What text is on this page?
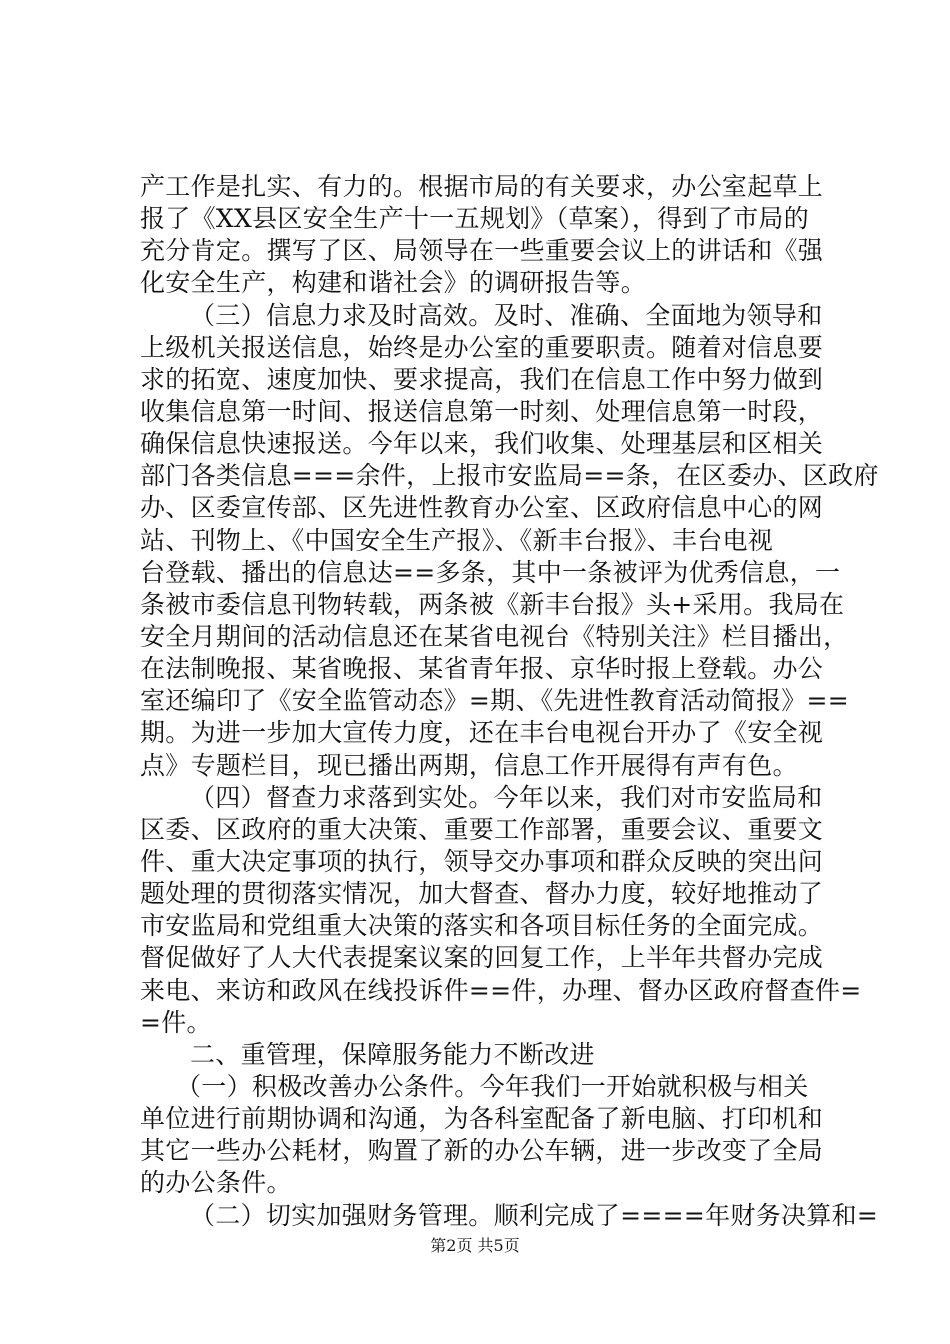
产工作是扎实、有力的。根据市局的有关要求，办公室起草上
报了《XX县区安全生产十一五规划》（草案），得到了市局的
充分肯定。撰写了区、局领导在一些重要会议上的讲话和《强
化安全生产，构建和谐社会》的调研报告等。
（三）信息力求及时高效。及时、准确、全面地为领导和
上级机关报送信息，始终是办公室的重要职责。随着对信息要
求的拓宽、速度加快、要求提高，我们在信息工作中努力做到
收集信息第一时间、报送信息第一时刻、处理信息第一时段，
确保信息快速报送。今年以来，我们收集、处理基层和区相关
部门各类信息===余件，上报市安监局==条，在区委办、区政府
办、区委宣传部、区先进性教育办公室、区政府信息中心的网
站、刊物上、《中国安全生产报》、《新丰台报》、丰台电视
台登载、播出的信息达==多条，其中一条被评为优秀信息，一
条被市委信息刊物转载，两条被《新丰台报》头+采用。我局在
安全月期间的活动信息还在某省电视台《特别关注》栏目播出，
在法制晚报、某省晚报、某省青年报、京华时报上登载。办公
室还编印了《安全监管动态》=期、《先进性教育活动简报》==
期。为进一步加大宣传力度，还在丰台电视台开办了《安全视
点》专题栏目，现已播出两期，信息工作开展得有声有色。
（四）督查力求落到实处。今年以来，我们对市安监局和
区委、区政府的重大决策、重要工作部署，重要会议、重要文
件、重大决定事项的执行，领导交办事项和群众反映的突出问
题处理的贯彻落实情况，加大督查、督办力度，较好地推动了
市安监局和党组重大决策的落实和各项目标任务的全面完成。
督促做好了人大代表提案议案的回复工作，上半年共督办完成
来电、来访和政风在线投诉件==件，办理、督办区政府督查件=
=件。
二、重管理，保障服务能力不断改进
（一）积极改善办公条件。今年我们一开始就积极与相关
单位进行前期协调和沟通，为各科室配备了新电脑、打印机和
其它一些办公耗材，购置了新的办公车辆，进一步改变了全局
的办公条件。
（二）切实加强财务管理。顺利完成了====年财务决算和=
第2页 共5页
